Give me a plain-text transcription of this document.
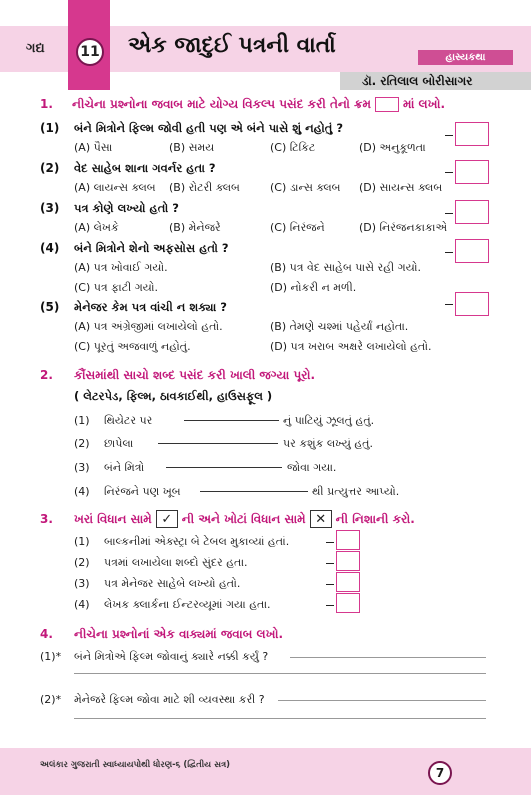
ગદ્ય	11 એક જાદુઈ પત્રની વાર્તા	હાસ્યકથા
ડૉ. રતિલાલ બોરીસાગર
1. નીચેના પ્રશ્નોના જવાબ માટે યોગ્ય વિકલ્પ પસંદ કરી તેનો ક્રમ	માં લખો.
(1) બંને મિત્રોને ફિલ્મ જોવી હતી પણ એ બંને પાસે શું નહોતું ?
(A) પૈસા	(B) સમય	(C) ટિકિટ	(D) અનુકૂળતા
(2) વેદ સાહેબ શાના ગવર્નર હતા ?
(A) લાયન્સ ક્લબ (B) રોટરી ક્લબ	(C) ડાન્સ ક્લબ (D) સાયન્સ ક્લબ
(3) પત્ર કોણે લખ્યો હતો ?
(A) લેખકે	(B) મેનેજરે	(C) નિરંજને	(D) નિરંજનકાકાએ
(4) બંને મિત્રોને શેનો અફસોસ હતો ?
(A) પત્ર ખોવાઈ ગયો.	(B) પત્ર વેદ સાહેબ પાસે રહી ગયો.
(C) પત્ર ફાટી ગયો.	(D) નોકરી ન મળી.
(5) મેનેજર કેમ પત્ર વાંચી ન શક્યા ?
(A) પત્ર અંગ્રેજીમાં લખાયેલો હતો.	(B) તેમણે ચશ્માં પહેર્યાં નહોતા.
(C) પૂરતું અજવાળું નહોતું.	(D) પત્ર ખરાબ અક્ષરે લખાયેલો હતો.
2. કૌંસમાંથી સાચો શબ્દ પસંદ કરી ખાલી જગ્યા પૂરો.
( લેટરપેડ, ફિલ્મ, ઠાવકાઈથી, હાઉસફૂલ )
(1) થિયેટર પર	નું પાટિયું ઝૂલતું હતું.
(2) છાપેલા	પર કશુંક લખ્યું હતું.
(3) બંને મિત્રો	જોવા ગયા.
(4) નિરંજને પણ ખૂબ	થી પ્રત્યુત્તર આપ્યો.
3. ખરાં વિધાન સામે ✓ ની અને ખોટાં વિધાન સામે ✕ ની નિશાની કરો.
(1) બાલ્કનીમાં એક્સ્ટ્રા બે ટેબલ મુકાવ્યાં હતાં.
(2) પત્રમાં લખાયેલા શબ્દો સુંદર હતા.
(3) પત્ર મેનેજર સાહેબે લખ્યો હતો.
(4) લેખક ક્લાર્કના ઈન્ટરવ્યૂમાં ગયા હતા.
4. નીચેના પ્રશ્નોનાં એક વાક્યમાં જવાબ લખો.
(1)* બંને મિત્રોએ ફિલ્મ જોવાનું ક્યારે નક્કી કર્યું ?
(2)* મેનેજરે ફિલ્મ જોવા માટે શી વ્યવસ્થા કરી ?
અલંકાર ગુજરાતી સ્વાધ્યાયપોથી ધોરણ-૬ (દ્વિતીય સત્ર)
7
